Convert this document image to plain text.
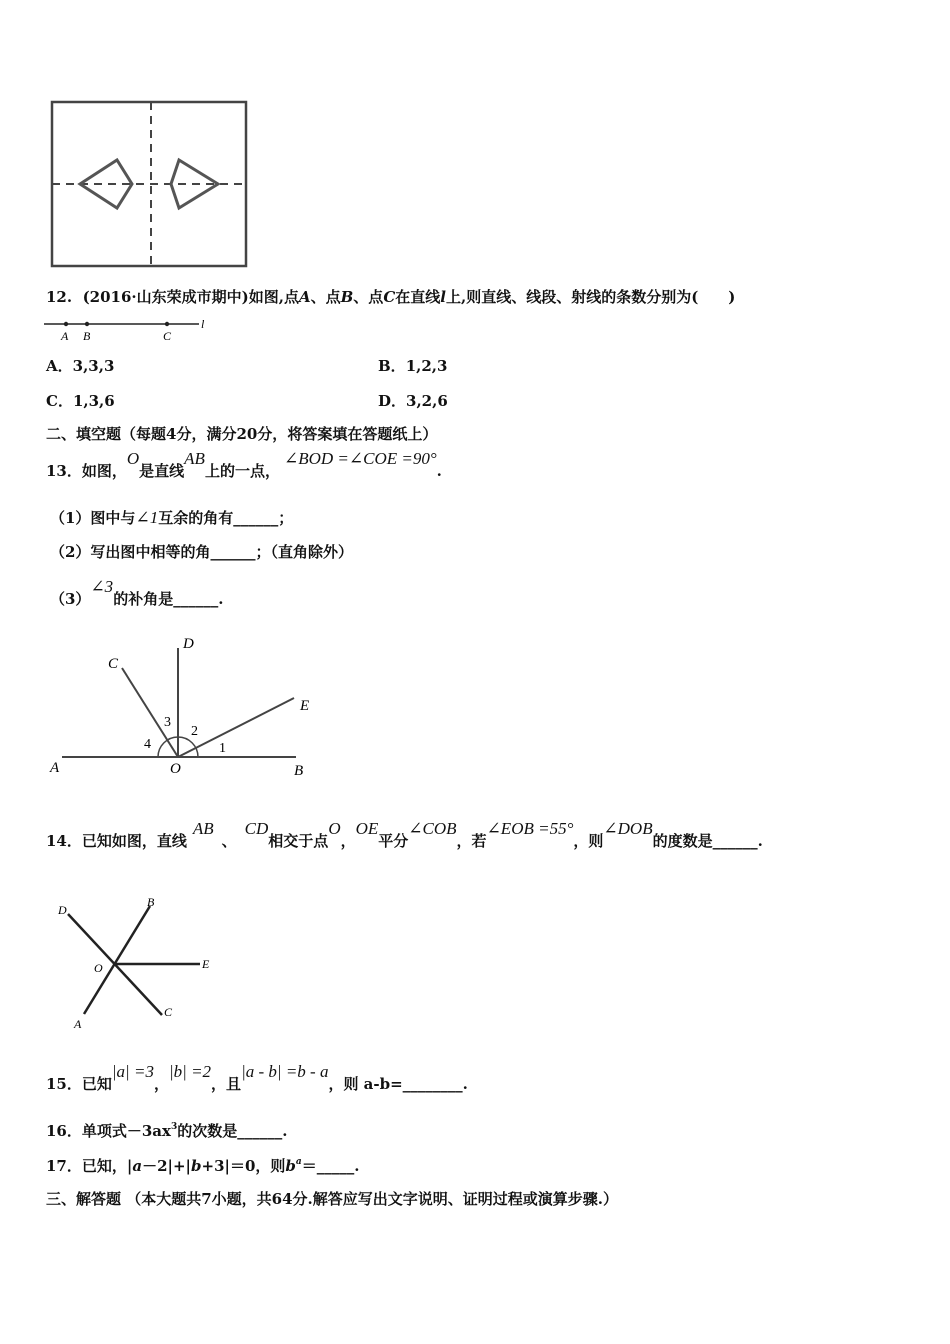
12. (2016·山东荣成市期中)如图,点A、点B、点C在直线l上,则直线、线段、射线的条数分别为(　　)
A B	C
l
A．3,3,3	B．1,2,3
C．1,3,6	D．3,2,6
二、填空题（每题4分，满分20分，将答案填在答题纸上）
13．如图，O是直线AB上的一点，∠BOD =∠COE =90°.
（1）图中与∠1互余的角有______；
（2）写出图中相等的角______；（直角除外）
（3）∠3的补角是______.
A	O	B
C
D
E
1
2
3
4
14．已知如图，直线AB、CD相交于点O，OE平分∠COB，若∠EOB =55°，则∠DOB的度数是______.
D
B
O	E
A
C
15．已知|a| =3，|b| =2，且|a - b| =b - a，则 a-b=________.
16．单项式－3ax3的次数是______.
17．已知，|a－2|+|b+3|＝0，则ba＝_____.
三、解答题 （本大题共7小题，共64分.解答应写出文字说明、证明过程或演算步骤.）
